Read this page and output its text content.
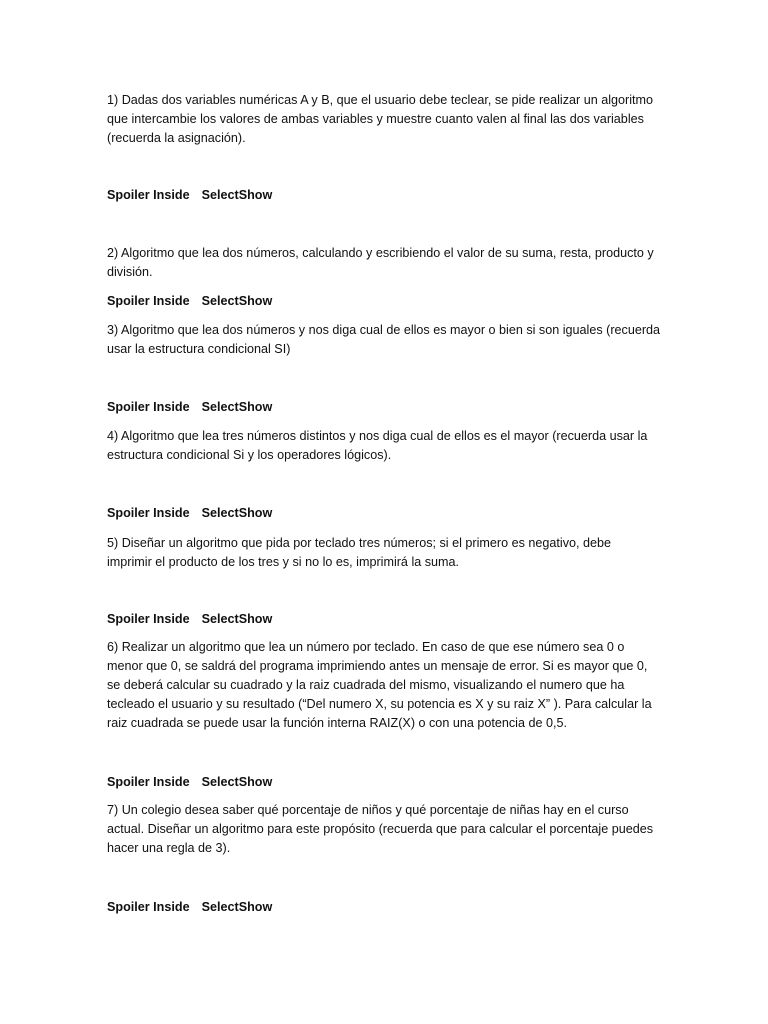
1) Dadas dos variables numéricas A y B, que el usuario debe teclear, se pide realizar un algoritmo
que intercambie los valores de ambas variables y muestre cuanto valen al final las dos variables
(recuerda la asignación).
Spoiler Inside SelectShow
2) Algoritmo que lea dos números, calculando y escribiendo el valor de su suma, resta, producto y
división.
Spoiler Inside SelectShow
3) Algoritmo que lea dos números y nos diga cual de ellos es mayor o bien si son iguales (recuerda
usar la estructura condicional SI)
Spoiler Inside SelectShow
4) Algoritmo que lea tres números distintos y nos diga cual de ellos es el mayor (recuerda usar la
estructura condicional Si y los operadores lógicos).
Spoiler Inside SelectShow
5) Diseñar un algoritmo que pida por teclado tres números; si el primero es negativo, debe
imprimir el producto de los tres y si no lo es, imprimirá la suma.
Spoiler Inside SelectShow
6) Realizar un algoritmo que lea un número por teclado. En caso de que ese número sea 0 o
menor que 0, se saldrá del programa imprimiendo antes un mensaje de error. Si es mayor que 0,
se deberá calcular su cuadrado y la raiz cuadrada del mismo, visualizando el numero que ha
tecleado el usuario y su resultado (“Del numero X, su potencia es X y su raiz X” ). Para calcular la
raiz cuadrada se puede usar la función interna RAIZ(X) o con una potencia de 0,5.
Spoiler Inside SelectShow
7) Un colegio desea saber qué porcentaje de niños y qué porcentaje de niñas hay en el curso
actual. Diseñar un algoritmo para este propósito (recuerda que para calcular el porcentaje puedes
hacer una regla de 3).
Spoiler Inside SelectShow
